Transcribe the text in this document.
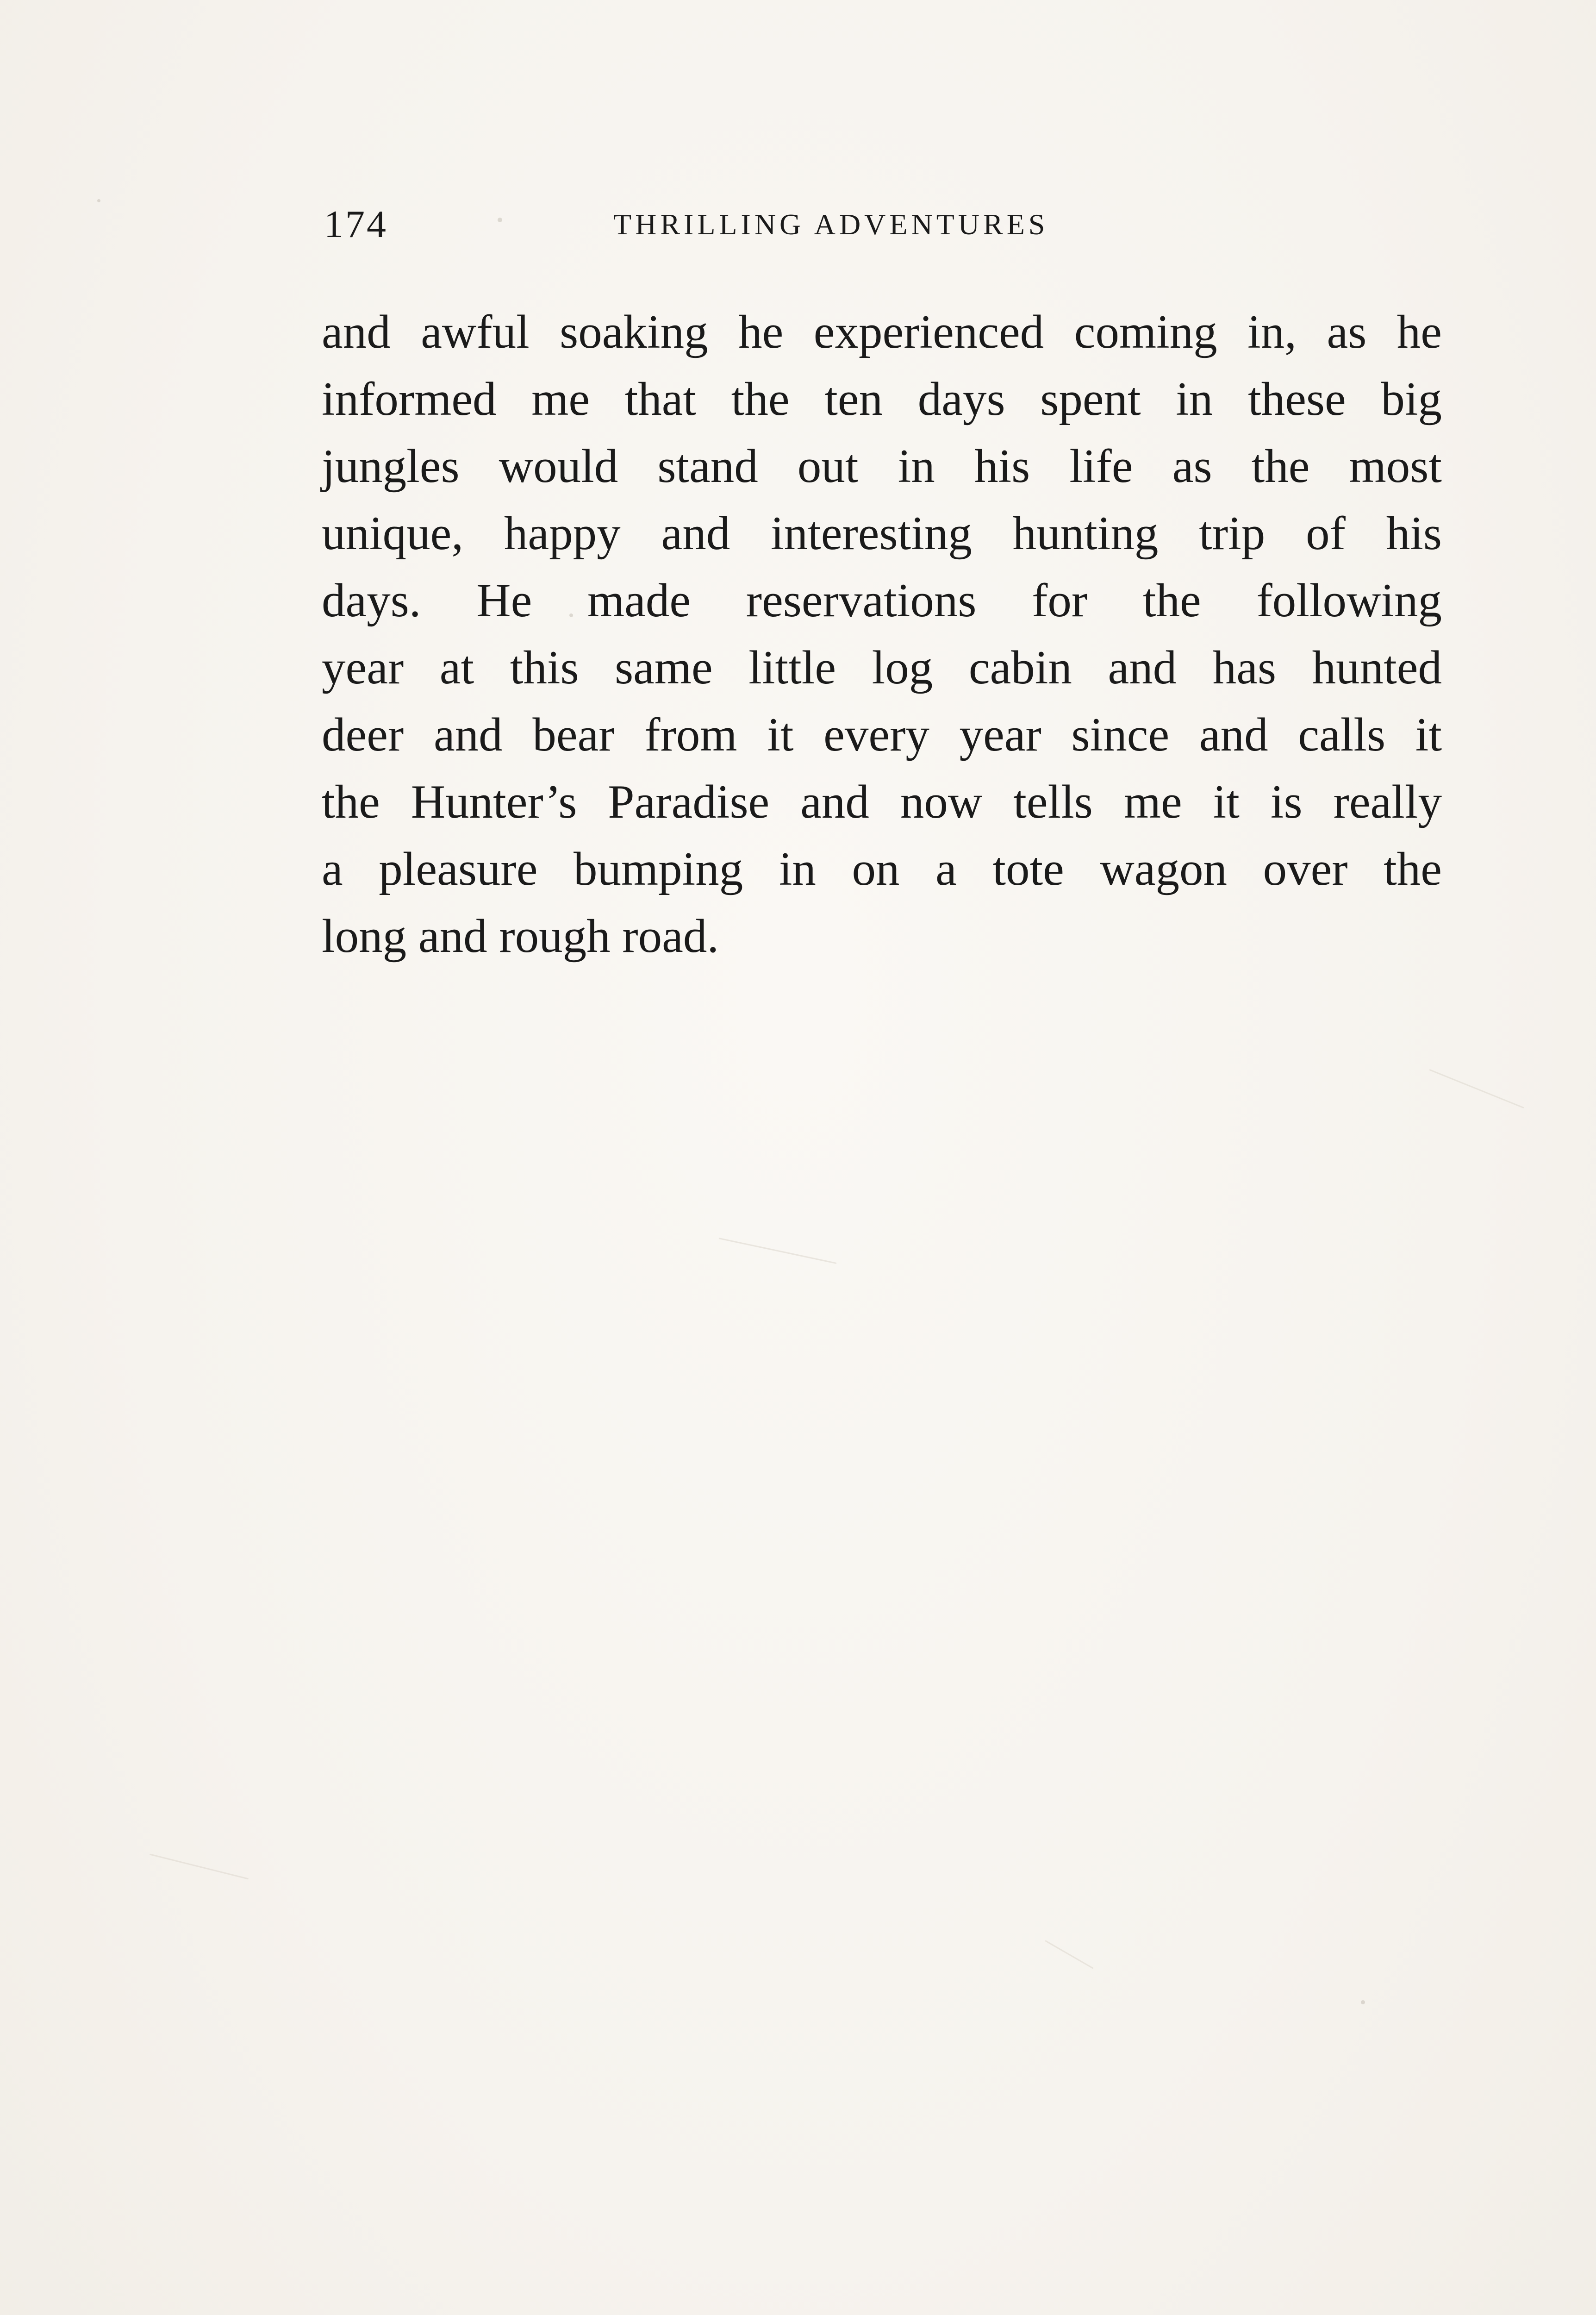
174	THRILLING ADVENTURES
and awful soaking he experienced coming in, as he
informed me that the ten days spent in these big
jungles would stand out in his life as the most
unique, happy and interesting hunting trip of his
days. He made reservations for the following
year at this same little log cabin and has hunted
deer and bear from it every year since and calls it
the Hunter’s Paradise and now tells me it is really
a pleasure bumping in on a tote wagon over the
long and rough road.
